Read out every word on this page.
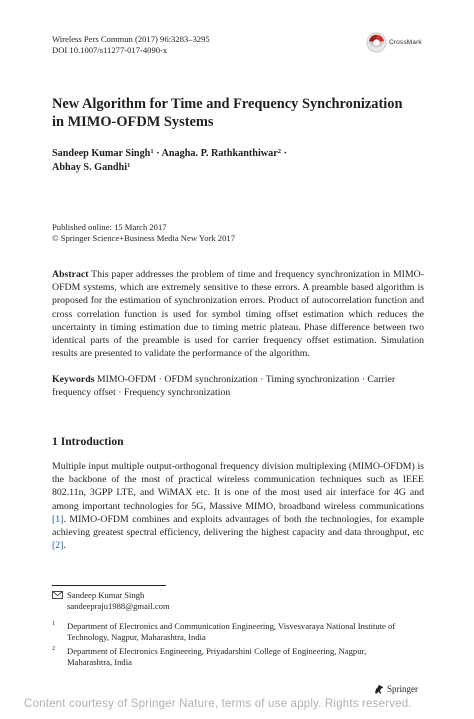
Wireless Pers Commun (2017) 96:3283–3295
DOI 10.1007/s11277-017-4090-x
CrossMark
New Algorithm for Time and Frequency Synchronization
in MIMO-OFDM Systems
Sandeep Kumar Singh$^1$ · Anagha. P. Rathkanthiwar$^2$ ·
Abhay S. Gandhi$^1$
Published online: 15 March 2017
© Springer Science+Business Media New York 2017
Abstract This paper addresses the problem of time and frequency synchronization in MIMO-OFDM systems, which are extremely sensitive to these errors. A preamble based algorithm is proposed for the estimation of synchronization errors. Product of autocorrelation function and cross correlation function is used for symbol timing offset estimation which reduces the uncertainty in timing estimation due to timing metric plateau. Phase difference between two identical parts of the preamble is used for carrier frequency offset estimation. Simulation results are presented to validate the performance of the algorithm.
Keywords MIMO-OFDM · OFDM synchronization · Timing synchronization · Carrier frequency offset · Frequency synchronization
1 Introduction
Multiple input multiple output-orthogonal frequency division multiplexing (MIMO-OFDM) is the backbone of the most of practical wireless communication techniques such as IEEE 802.11n, 3GPP LTE, and WiMAX etc. It is one of the most used air interface for 4G and among important technologies for 5G, Massive MIMO, broadband wireless communications [1]. MIMO-OFDM combines and exploits advantages of both the technologies, for example achieving greatest spectral efficiency, delivering the highest capacity and data throughput, etc [2].
Sandeep Kumar Singh
sandeepraju1988@gmail.com
1 Department of Electronics and Communication Engineering, Visvesvaraya National Institute of Technology, Nagpur, Maharashtra, India
2 Department of Electronics Engineering, Priyadarshini College of Engineering, Nagpur, Maharashtra, India
Springer
Content courtesy of Springer Nature, terms of use apply. Rights reserved.
